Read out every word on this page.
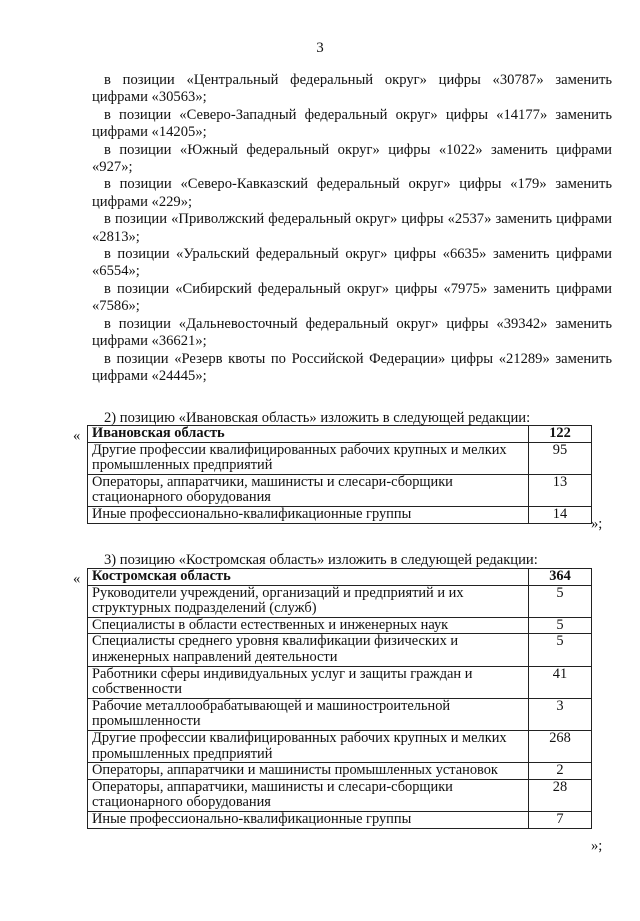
3

в позиции «Центральный федеральный округ» цифры «30787» заменить цифрами «30563»;

в позиции «Северо-Западный федеральный округ» цифры «14177» заменить цифрами «14205»;

в позиции «Южный федеральный округ» цифры «1022» заменить цифрами «927»;

в позиции «Северо-Кавказский федеральный округ» цифры «179» заменить цифрами «229»;

в позиции «Приволжский федеральный округ» цифры «2537» заменить цифрами «2813»;

в позиции «Уральский федеральный округ» цифры «6635» заменить цифрами «6554»;

в позиции «Сибирский федеральный округ» цифры «7975» заменить цифрами «7586»;

в позиции «Дальневосточный федеральный округ» цифры «39342» заменить цифрами «36621»;

в позиции «Резерв квоты по Российской Федерации» цифры «21289» заменить цифрами «24445»;

2) позицию «Ивановская область» изложить в следующей редакции:
« Ивановская область	122
Другие профессии квалифицированных рабочих крупных и мелких промышленных предприятий	95
Операторы, аппаратчики, машинисты и слесари-сборщики стационарного оборудования	13
Иные профессионально-квалификационные группы	14
»;
3) позицию «Костромская область» изложить в следующей редакции:
« Костромская область	364
Руководители учреждений, организаций и предприятий и их структурных подразделений (служб)	5
Специалисты в области естественных и инженерных наук	5
Специалисты среднего уровня квалификации физических и инженерных направлений деятельности	5
Работники сферы индивидуальных услуг и защиты граждан и собственности	41
Рабочие металлообрабатывающей и машиностроительной промышленности	3
Другие профессии квалифицированных рабочих крупных и мелких промышленных предприятий	268
Операторы, аппаратчики и машинисты промышленных установок	2
Операторы, аппаратчики, машинисты и слесари-сборщики стационарного оборудования	28
Иные профессионально-квалификационные группы	7
»;
